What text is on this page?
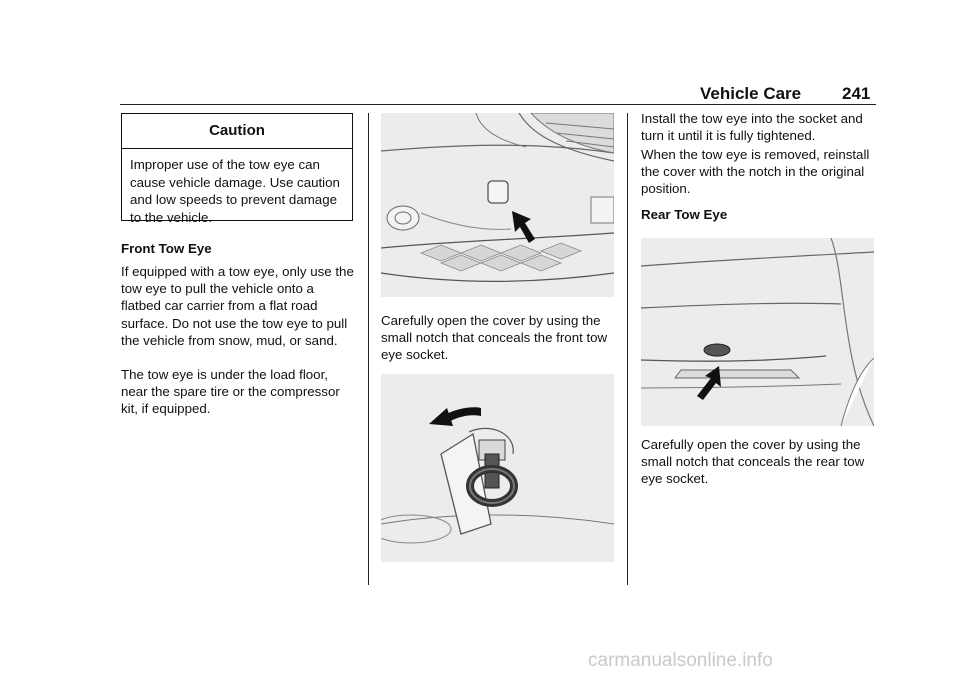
Vehicle Care 241
Caution
Improper use of the tow eye can cause vehicle damage. Use caution and low speeds to prevent damage to the vehicle.
Front Tow Eye
If equipped with a tow eye, only use the tow eye to pull the vehicle onto a flatbed car carrier from a flat road surface. Do not use the tow eye to pull the vehicle from snow, mud, or sand.
The tow eye is under the load floor, near the spare tire or the compressor kit, if equipped.
Carefully open the cover by using the small notch that conceals the front tow eye socket.
Install the tow eye into the socket and turn it until it is fully tightened.
When the tow eye is removed, reinstall the cover with the notch in the original position.
Rear Tow Eye
Carefully open the cover by using the small notch that conceals the rear tow eye socket.
carmanualsonline.info
